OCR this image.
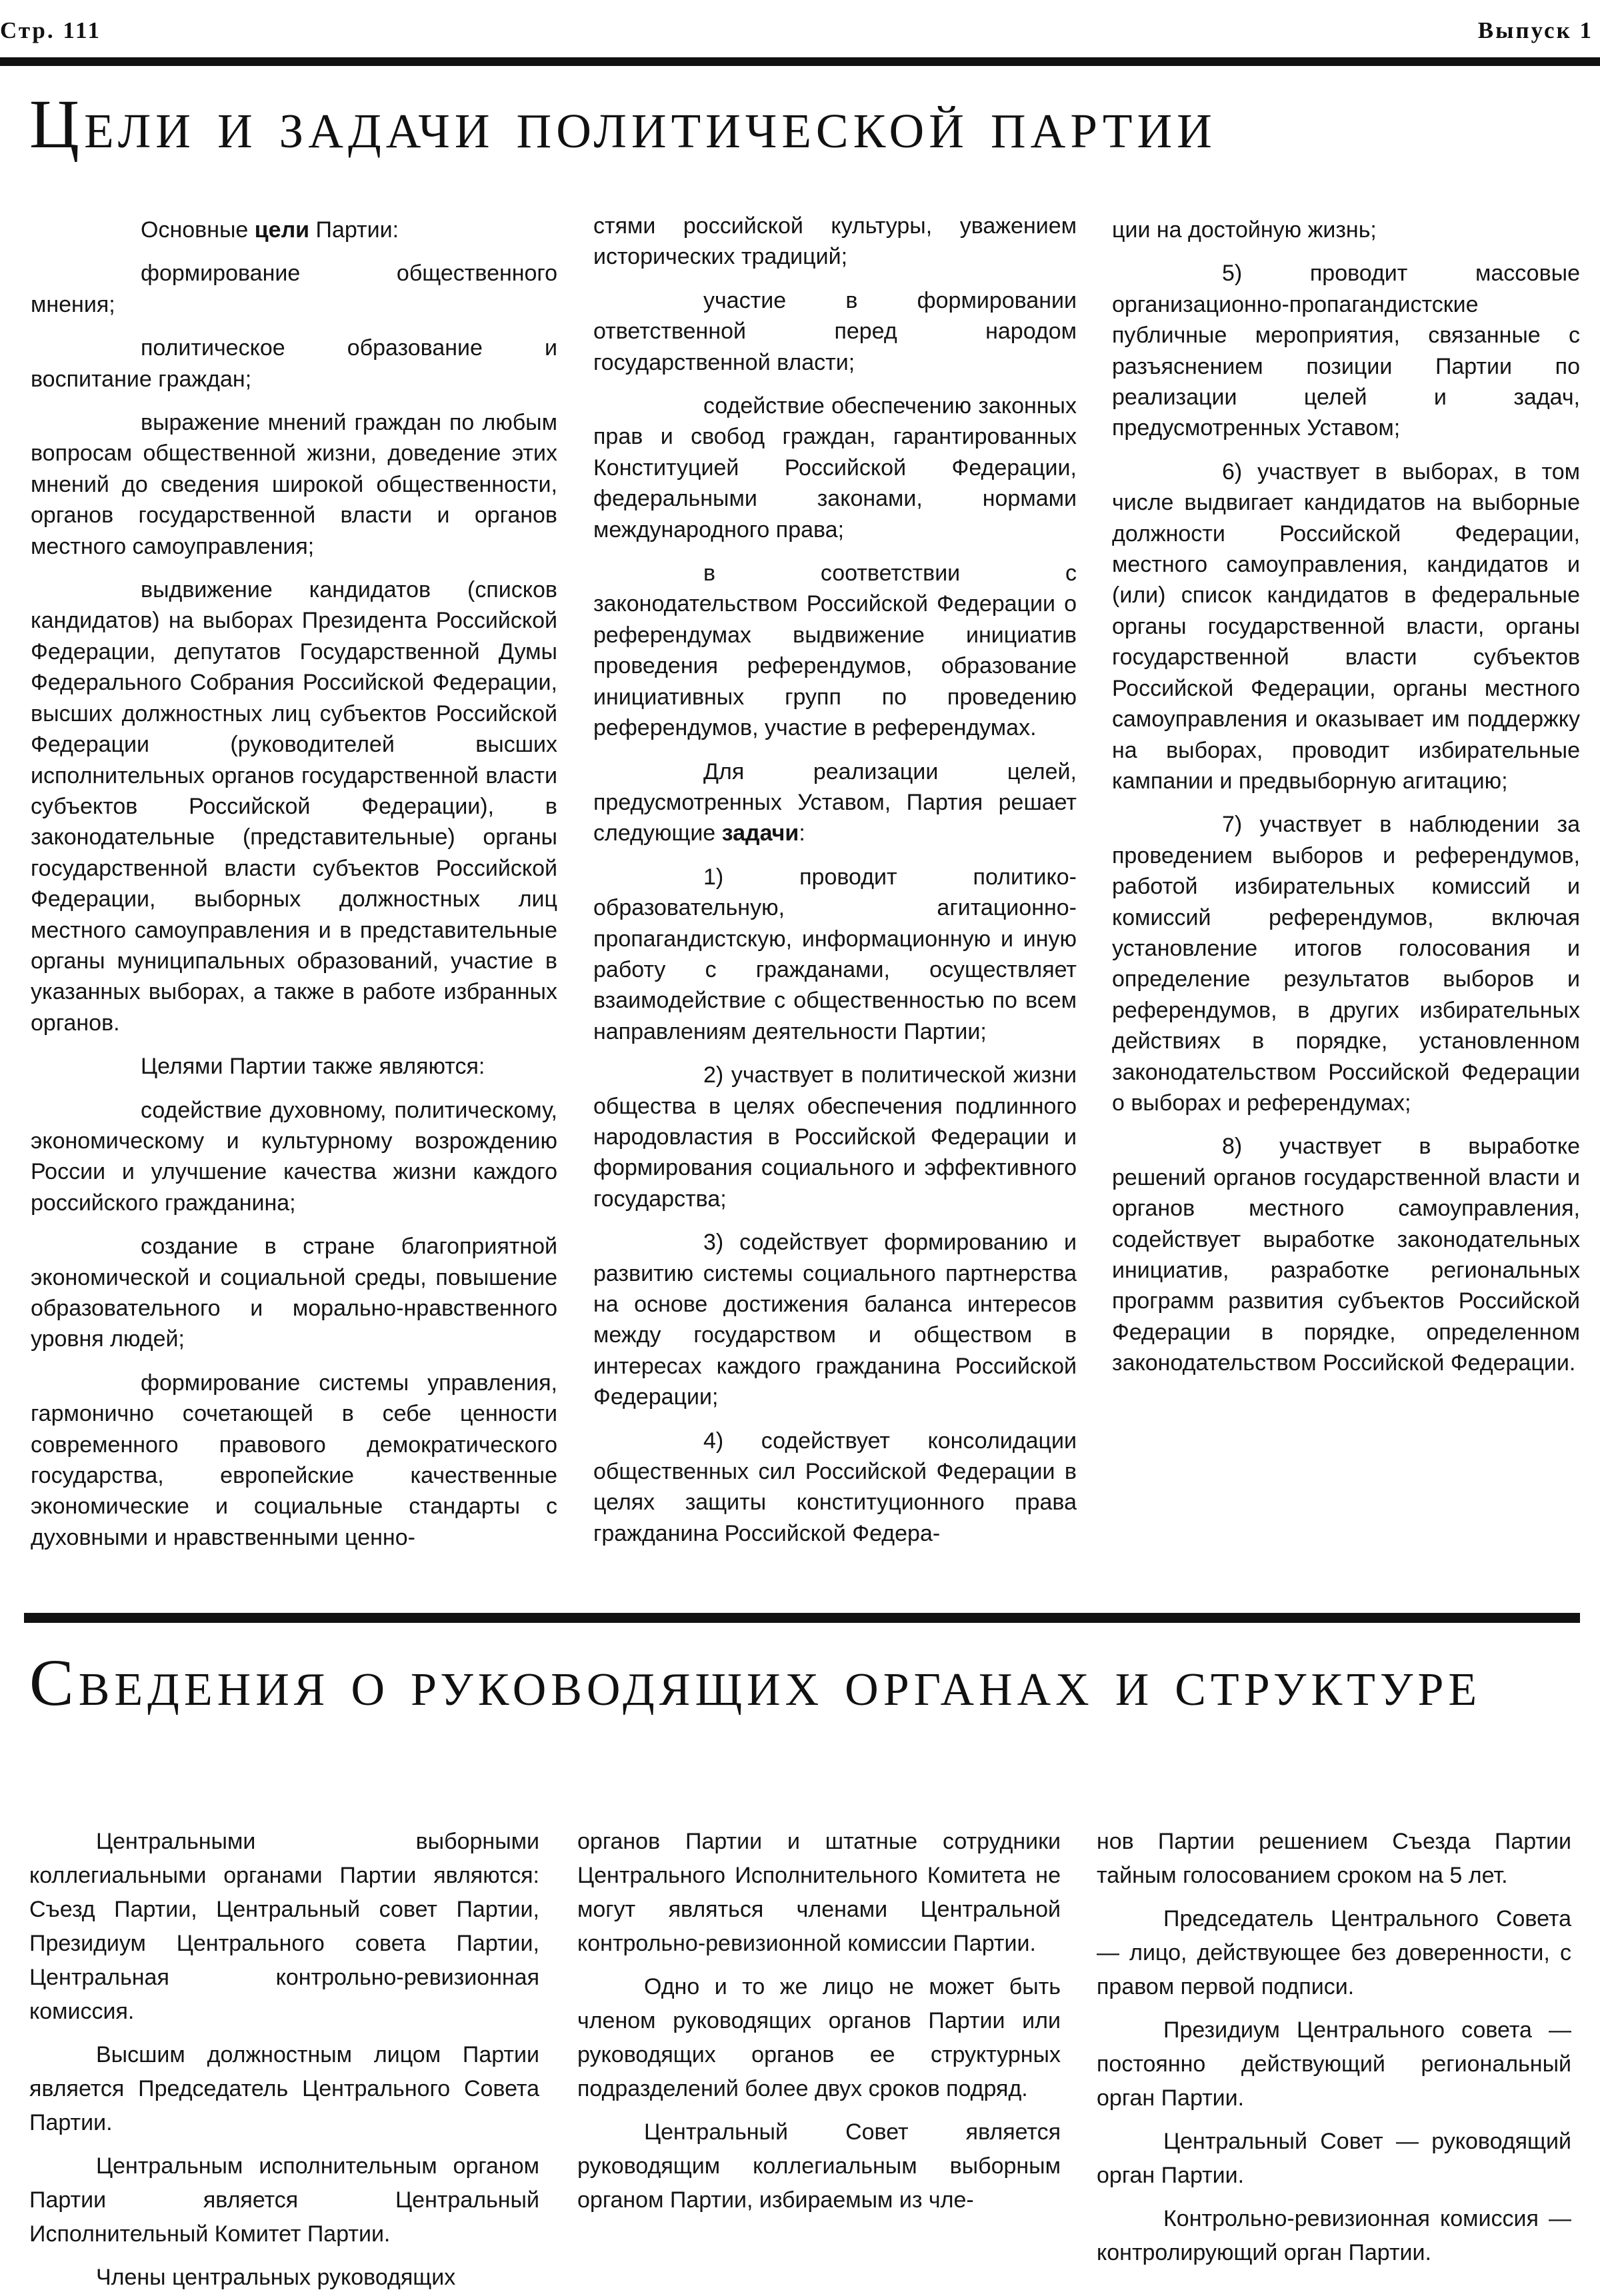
Стр. 111	Выпуск 1
Цели и задачи политической партии

Основные цели Партии:

формирование общественного мнения;

политическое образование и воспитание граждан;

выражение мнений граждан по любым вопросам общественной жизни, доведение этих мнений до сведения широкой общественности, органов государственной власти и органов местного самоуправления;

выдвижение кандидатов (списков кандидатов) на выборах Президента Российской Федерации, депутатов Государственной Думы Федерального Собрания Российской Федерации, высших должностных лиц субъектов Российской Федерации (руководителей высших исполнительных органов государственной власти субъектов Российской Федерации), в законодательные (представительные) органы государственной власти субъектов Российской Федерации, выборных должностных лиц местного самоуправления и в представительные органы муниципальных образований, участие в указанных выборах, а также в работе избранных органов.

Целями Партии также являются:

содействие духовному, политическому, экономическому и культурному возрождению России и улучшение качества жизни каждого российского гражданина;

создание в стране благоприятной экономической и социальной среды, повышение образовательного и морально-нравственного уровня людей;

формирование системы управления, гармонично сочетающей в себе ценности современного правового демократического государства, европейские качественные экономические и социальные стандарты с духовными и нравственными ценно-

стями российской культуры, уважением исторических традиций;

участие в формировании ответственной перед народом государственной власти;

содействие обеспечению законных прав и свобод граждан, гарантированных Конституцией Российской Федерации, федеральными законами, нормами международного права;

в соответствии с законодательством Российской Федерации о референдумах выдвижение инициатив проведения референдумов, образование инициативных групп по проведению референдумов, участие в референдумах.

Для реализации целей, предусмотренных Уставом, Партия решает следующие задачи:

1) проводит политико-образовательную, агитационно-пропагандистскую, информационную и иную работу с гражданами, осуществляет взаимодействие с общественностью по всем направлениям деятельности Партии;

2) участвует в политической жизни общества в целях обеспечения подлинного народовластия в Российской Федерации и формирования социального и эффективного государства;

3) содействует формированию и развитию системы социального партнерства на основе достижения баланса интересов между государством и обществом в интересах каждого гражданина Российской Федерации;

4) содействует консолидации общественных сил Российской Федерации в целях защиты конституционного права гражданина Российской Федера-

ции на достойную жизнь;

5) проводит массовые организационно-пропагандистские публичные мероприятия, связанные с разъяснением позиции Партии по реализации целей и задач, предусмотренных Уставом;

6) участвует в выборах, в том числе выдвигает кандидатов на выборные должности Российской Федерации, местного самоуправления, кандидатов и (или) список кандидатов в федеральные органы государственной власти, органы государственной власти субъектов Российской Федерации, органы местного самоуправления и оказывает им поддержку на выборах, проводит избирательные кампании и предвыборную агитацию;

7) участвует в наблюдении за проведением выборов и референдумов, работой избирательных комиссий и комиссий референдумов, включая установление итогов голосования и определение результатов выборов и референдумов, в других избирательных действиях в порядке, установленном законодательством Российской Федерации о выборах и референдумах;

8) участвует в выработке решений органов государственной власти и органов местного самоуправления, содействует выработке законодательных инициатив, разработке региональных программ развития субъектов Российской Федерации в порядке, определенном законодательством Российской Федерации.

Сведения о руководящих органах и структуре

Центральными выборными коллегиальными органами Партии являются: Съезд Партии, Центральный совет Партии, Президиум Центрального совета Партии, Центральная контрольно-ревизионная комиссия.

Высшим должностным лицом Партии является Председатель Центрального Совета Партии.

Центральным исполнительным органом Партии является Центральный Исполнительный Комитет Партии.

Члены центральных руководящих

органов Партии и штатные сотрудники Центрального Исполнительного Комитета не могут являться членами Центральной контрольно-ревизионной комиссии Партии.

Одно и то же лицо не может быть членом руководящих органов Партии или руководящих органов ее структурных подразделений более двух сроков подряд.

Центральный Совет является руководящим коллегиальным выборным органом Партии, избираемым из чле-

нов Партии решением Съезда Партии тайным голосованием сроком на 5 лет.

Председатель Центрального Совета — лицо, действующее без доверенности, с правом первой подписи.

Президиум Центрального совета — постоянно действующий региональный орган Партии.

Центральный Совет — руководящий орган Партии.

Контрольно-ревизионная комиссия — контролирующий орган Партии.
